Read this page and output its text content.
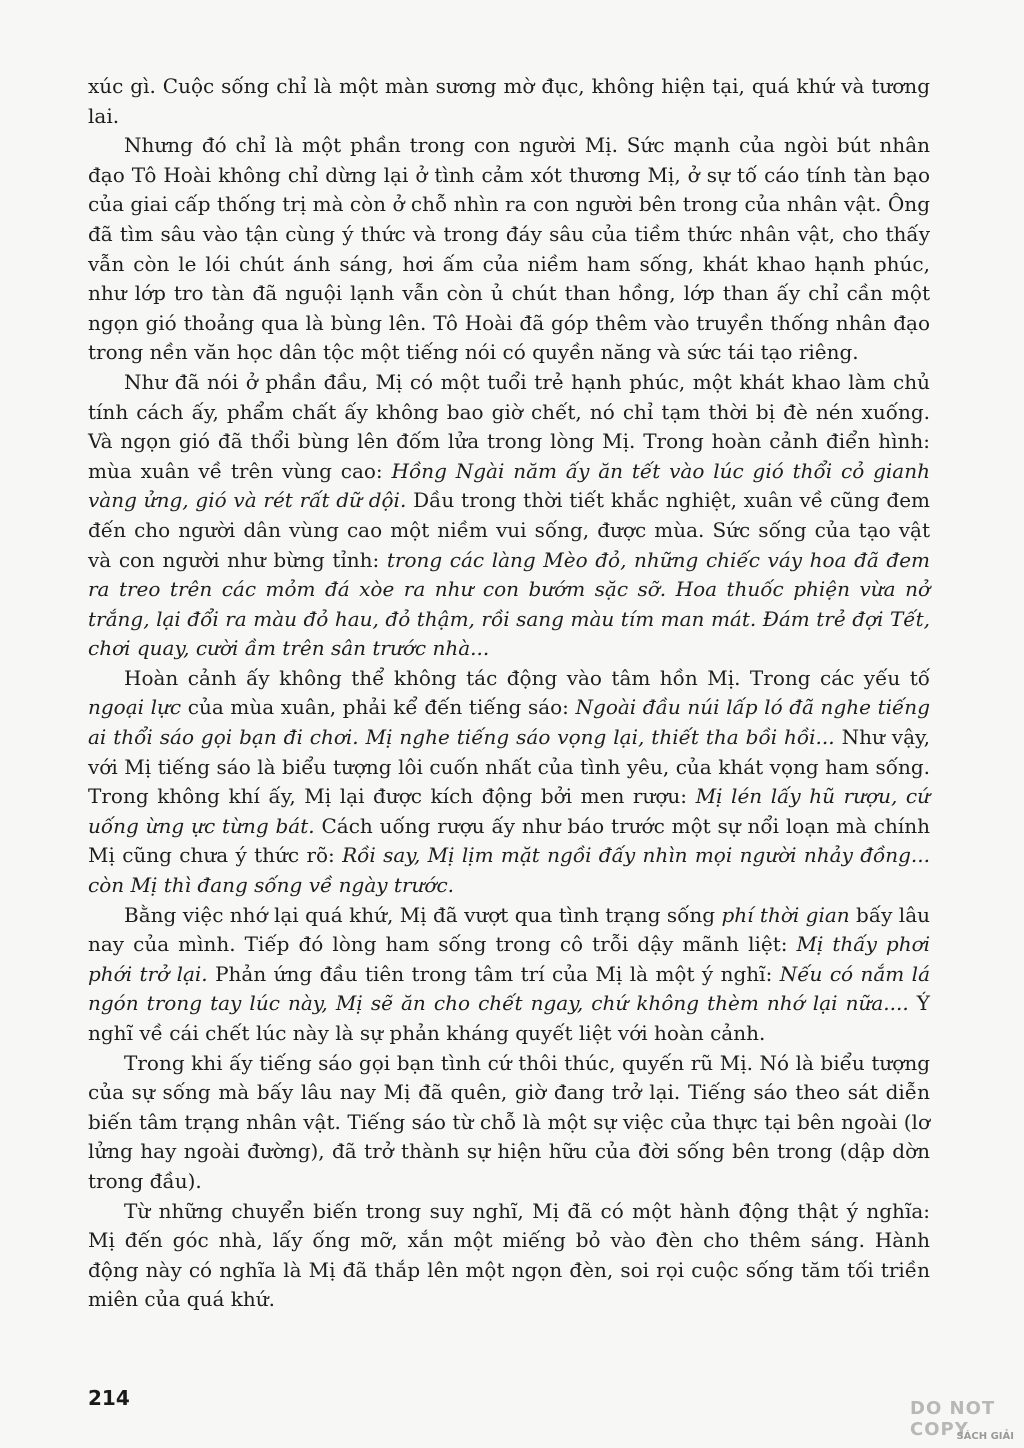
xúc gì. Cuộc sống chỉ là một màn sương mờ đục, không hiện tại, quá khứ và tương lai.

Nhưng đó chỉ là một phần trong con người Mị. Sức mạnh của ngòi bút nhân đạo Tô Hoài không chỉ dừng lại ở tình cảm xót thương Mị, ở sự tố cáo tính tàn bạo của giai cấp thống trị mà còn ở chỗ nhìn ra con người bên trong của nhân vật. Ông đã tìm sâu vào tận cùng ý thức và trong đáy sâu của tiềm thức nhân vật, cho thấy vẫn còn le lói chút ánh sáng, hơi ấm của niềm ham sống, khát khao hạnh phúc, như lớp tro tàn đã nguội lạnh vẫn còn ủ chút than hồng, lớp than ấy chỉ cần một ngọn gió thoảng qua là bùng lên. Tô Hoài đã góp thêm vào truyền thống nhân đạo trong nền văn học dân tộc một tiếng nói có quyền năng và sức tái tạo riêng.

Như đã nói ở phần đầu, Mị có một tuổi trẻ hạnh phúc, một khát khao làm chủ tính cách ấy, phẩm chất ấy không bao giờ chết, nó chỉ tạm thời bị đè nén xuống. Và ngọn gió đã thổi bùng lên đốm lửa trong lòng Mị. Trong hoàn cảnh điển hình: mùa xuân về trên vùng cao: Hồng Ngài năm ấy ăn tết vào lúc gió thổi cỏ gianh vàng ửng, gió và rét rất dữ dội. Dầu trong thời tiết khắc nghiệt, xuân về cũng đem đến cho người dân vùng cao một niềm vui sống, được mùa. Sức sống của tạo vật và con người như bừng tỉnh: trong các làng Mèo đỏ, những chiếc váy hoa đã đem ra treo trên các mỏm đá xòe ra như con bướm sặc sỡ. Hoa thuốc phiện vừa nở trắng, lại đổi ra màu đỏ hau, đỏ thậm, rồi sang màu tím man mát. Đám trẻ đợi Tết, chơi quay, cười ầm trên sân trước nhà...

Hoàn cảnh ấy không thể không tác động vào tâm hồn Mị. Trong các yếu tố ngoại lực của mùa xuân, phải kể đến tiếng sáo: Ngoài đầu núi lấp ló đã nghe tiếng ai thổi sáo gọi bạn đi chơi. Mị nghe tiếng sáo vọng lại, thiết tha bồi hồi... Như vậy, với Mị tiếng sáo là biểu tượng lôi cuốn nhất của tình yêu, của khát vọng ham sống. Trong không khí ấy, Mị lại được kích động bởi men rượu: Mị lén lấy hũ rượu, cứ uống ừng ực từng bát. Cách uống rượu ấy như báo trước một sự nổi loạn mà chính Mị cũng chưa ý thức rõ: Rồi say, Mị lịm mặt ngồi đấy nhìn mọi người nhảy đồng... còn Mị thì đang sống về ngày trước.

Bằng việc nhớ lại quá khứ, Mị đã vượt qua tình trạng sống phí thời gian bấy lâu nay của mình. Tiếp đó lòng ham sống trong cô trỗi dậy mãnh liệt: Mị thấy phơi phới trở lại. Phản ứng đầu tiên trong tâm trí của Mị là một ý nghĩ: Nếu có nắm lá ngón trong tay lúc này, Mị sẽ ăn cho chết ngay, chứ không thèm nhớ lại nữa.... Ý nghĩ về cái chết lúc này là sự phản kháng quyết liệt với hoàn cảnh.

Trong khi ấy tiếng sáo gọi bạn tình cứ thôi thúc, quyến rũ Mị. Nó là biểu tượng của sự sống mà bấy lâu nay Mị đã quên, giờ đang trở lại. Tiếng sáo theo sát diễn biến tâm trạng nhân vật. Tiếng sáo từ chỗ là một sự việc của thực tại bên ngoài (lơ lửng hay ngoài đường), đã trở thành sự hiện hữu của đời sống bên trong (dập dờn trong đầu).

Từ những chuyển biến trong suy nghĩ, Mị đã có một hành động thật ý nghĩa: Mị đến góc nhà, lấy ống mỡ, xắn một miếng bỏ vào đèn cho thêm sáng. Hành động này có nghĩa là Mị đã thắp lên một ngọn đèn, soi rọi cuộc sống tăm tối triền miên của quá khứ.

214	DO NOT COPY
SÁCH GIẢI
